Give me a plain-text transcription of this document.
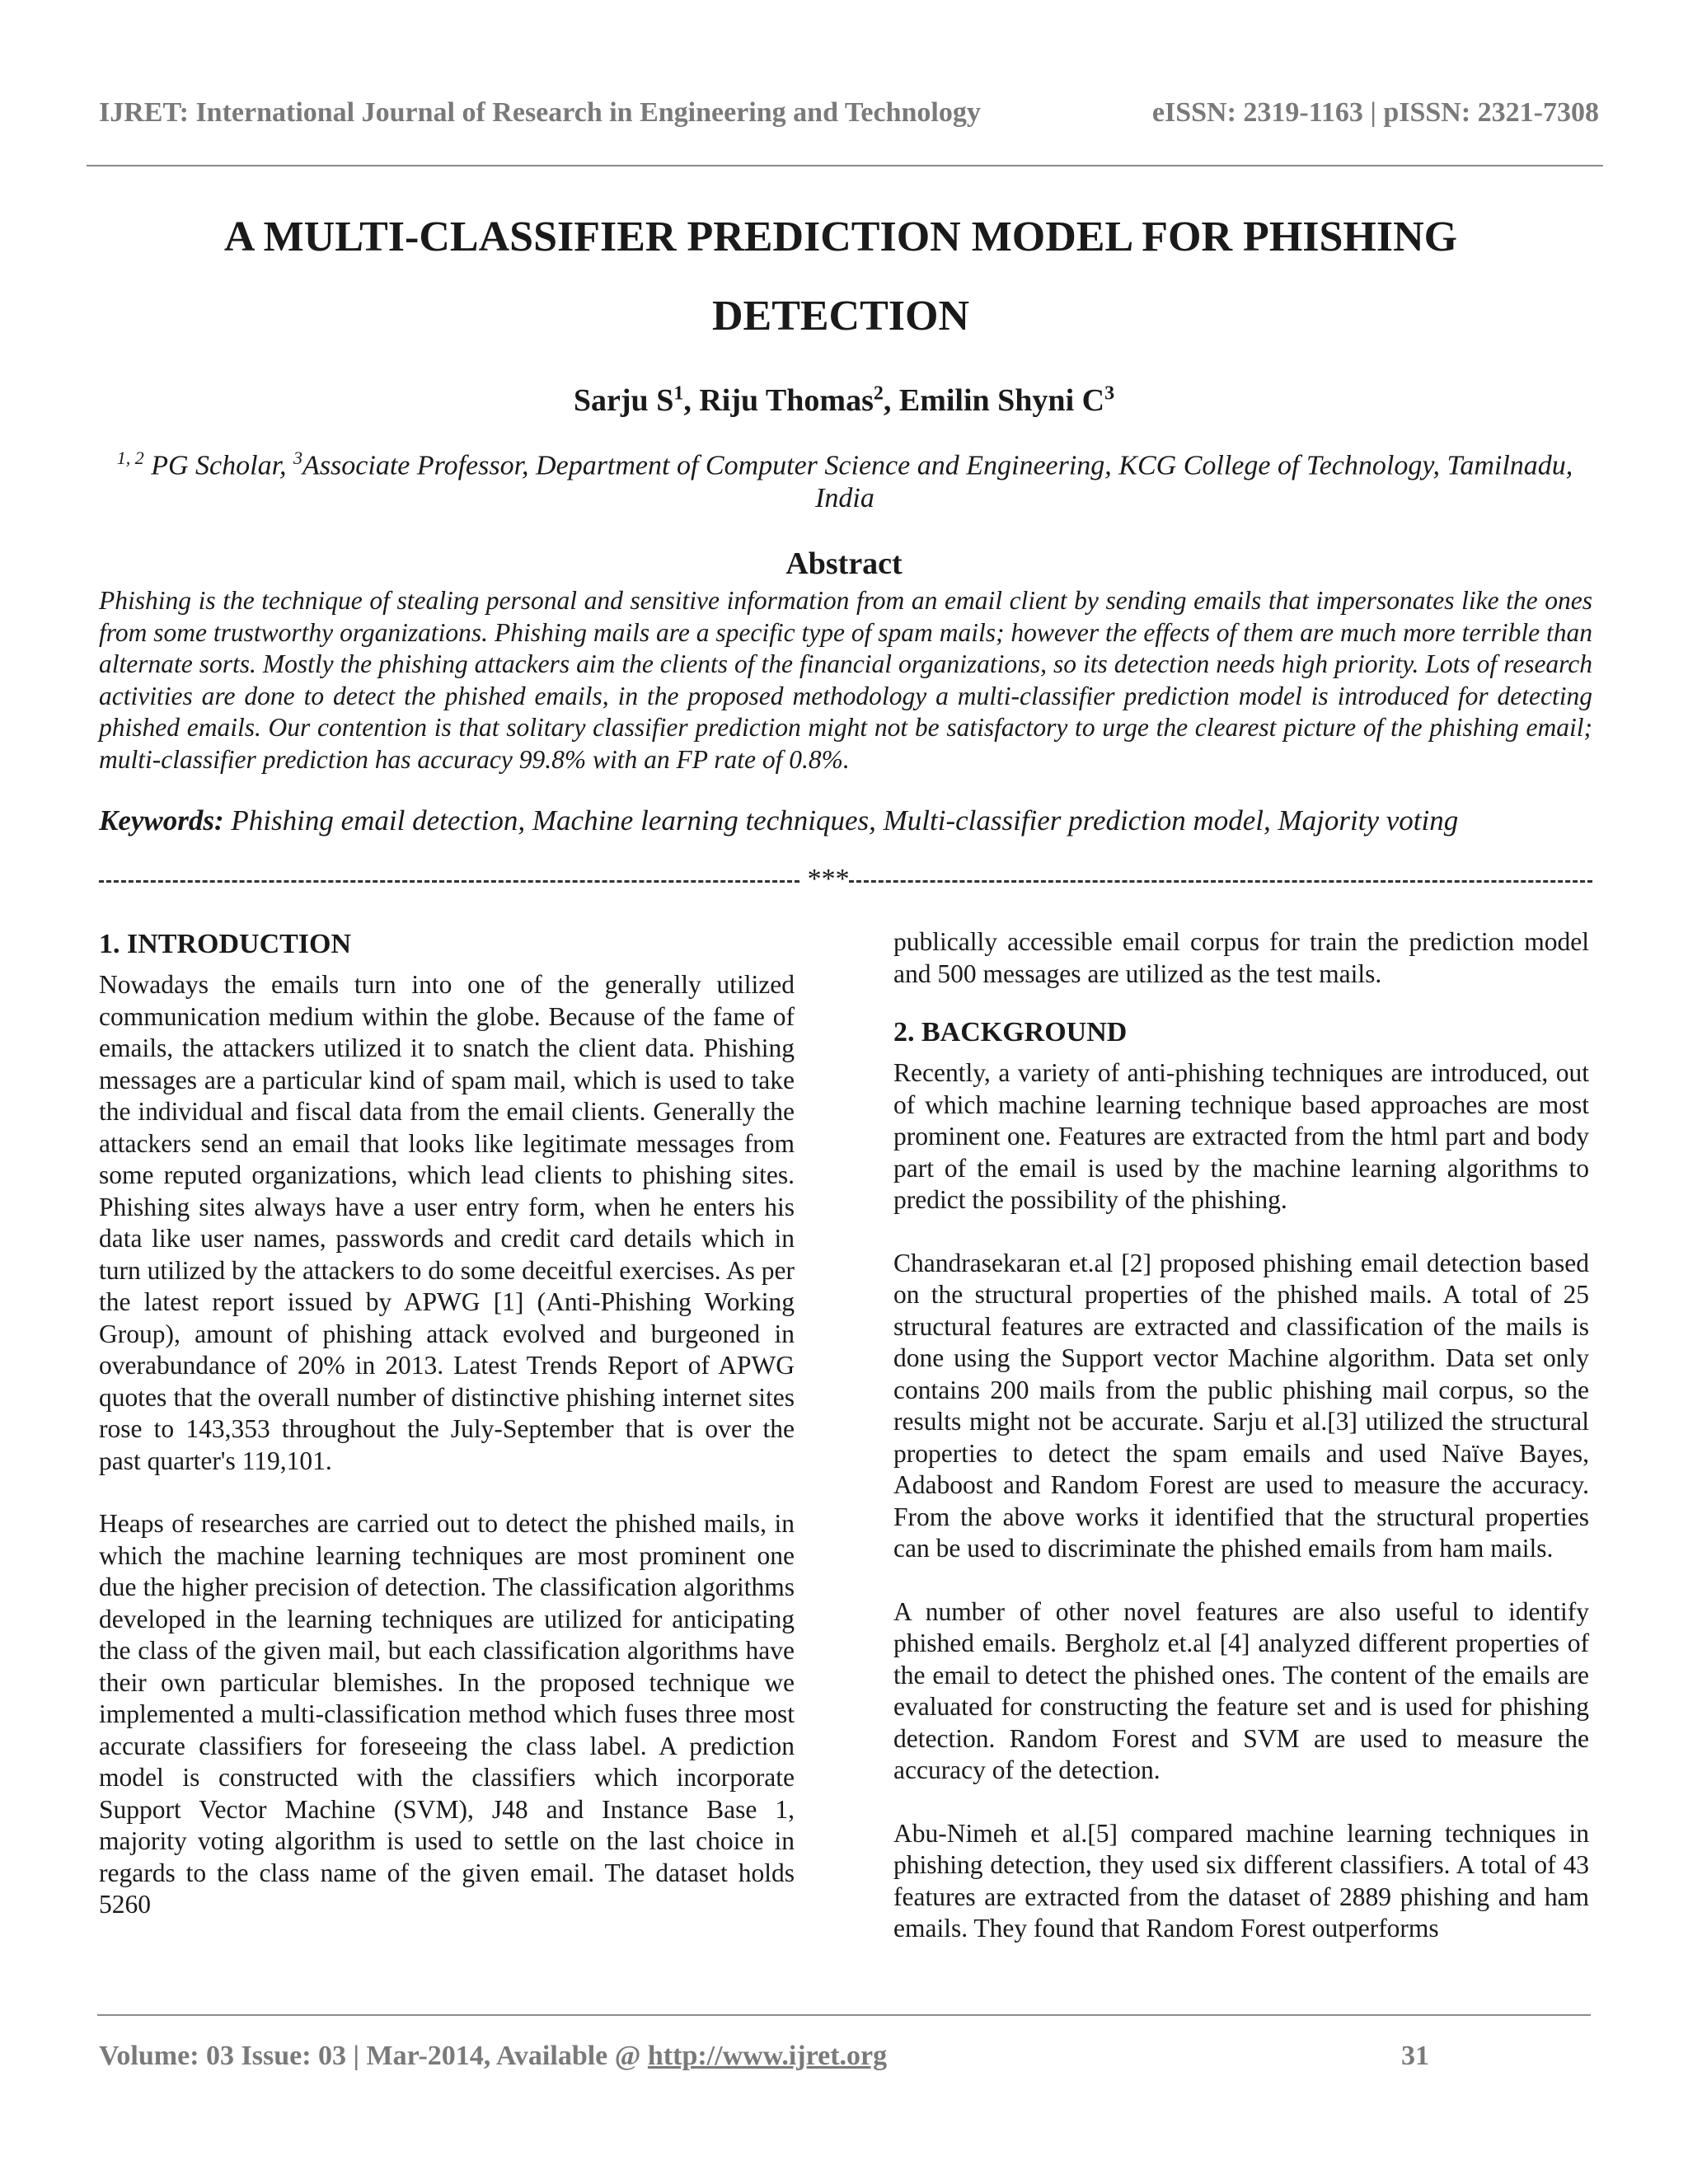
IJRET: International Journal of Research in Engineering and Technology	eISSN: 2319-1163 | pISSN: 2321-7308
A MULTI-CLASSIFIER PREDICTION MODEL FOR PHISHING DETECTION
Sarju $S^1$, Riju Thomas$^2$, Emilin Shyni $C^3$
$^{1, 2}$ PG Scholar, $^3$Associate Professor, Department of Computer Science and Engineering, KCG College of Technology, Tamilnadu, India
Abstract
Phishing is the technique of stealing personal and sensitive information from an email client by sending emails that impersonates like the ones from some trustworthy organizations. Phishing mails are a specific type of spam mails; however the effects of them are much more terrible than alternate sorts. Mostly the phishing attackers aim the clients of the financial organizations, so its detection needs high priority. Lots of research activities are done to detect the phished emails, in the proposed methodology a multi-classifier prediction model is introduced for detecting phished emails. Our contention is that solitary classifier prediction might not be satisfactory to urge the clearest picture of the phishing email; multi-classifier prediction has accuracy 99.8% with an FP rate of 0.8%.
Keywords: Phishing email detection, Machine learning techniques, Multi-classifier prediction model, Majority voting
***
1. INTRODUCTION

Nowadays the emails turn into one of the generally utilized communication medium within the globe. Because of the fame of emails, the attackers utilized it to snatch the client data. Phishing messages are a particular kind of spam mail, which is used to take the individual and fiscal data from the email clients. Generally the attackers send an email that looks like legitimate messages from some reputed organizations, which lead clients to phishing sites. Phishing sites always have a user entry form, when he enters his data like user names, passwords and credit card details which in turn utilized by the attackers to do some deceitful exercises. As per the latest report issued by APWG [1] (Anti-Phishing Working Group), amount of phishing attack evolved and burgeoned in overabundance of 20% in 2013. Latest Trends Report of APWG quotes that the overall number of distinctive phishing internet sites rose to 143,353 throughout the July-September that is over the past quarter's 119,101.

Heaps of researches are carried out to detect the phished mails, in which the machine learning techniques are most prominent one due the higher precision of detection. The classification algorithms developed in the learning techniques are utilized for anticipating the class of the given mail, but each classification algorithms have their own particular blemishes. In the proposed technique we implemented a multi-classification method which fuses three most accurate classifiers for foreseeing the class label. A prediction model is constructed with the classifiers which incorporate Support Vector Machine (SVM), J48 and Instance Base 1, majority voting algorithm is used to settle on the last choice in regards to the class name of the given email. The dataset holds 5260

publically accessible email corpus for train the prediction model and 500 messages are utilized as the test mails.

2. BACKGROUND

Recently, a variety of anti-phishing techniques are introduced, out of which machine learning technique based approaches are most prominent one. Features are extracted from the html part and body part of the email is used by the machine learning algorithms to predict the possibility of the phishing.

Chandrasekaran et.al [2] proposed phishing email detection based on the structural properties of the phished mails. A total of 25 structural features are extracted and classification of the mails is done using the Support vector Machine algorithm. Data set only contains 200 mails from the public phishing mail corpus, so the results might not be accurate. Sarju et al.[3] utilized the structural properties to detect the spam emails and used Naïve Bayes, Adaboost and Random Forest are used to measure the accuracy. From the above works it identified that the structural properties can be used to discriminate the phished emails from ham mails.

A number of other novel features are also useful to identify phished emails. Bergholz et.al [4] analyzed different properties of the email to detect the phished ones. The content of the emails are evaluated for constructing the feature set and is used for phishing detection. Random Forest and SVM are used to measure the accuracy of the detection.

Abu-Nimeh et al.[5] compared machine learning techniques in phishing detection, they used six different classifiers. A total of 43 features are extracted from the dataset of 2889 phishing and ham emails. They found that Random Forest outperforms

Volume: 03 Issue: 03 | Mar-2014, Available @ http://www.ijret.org	31
